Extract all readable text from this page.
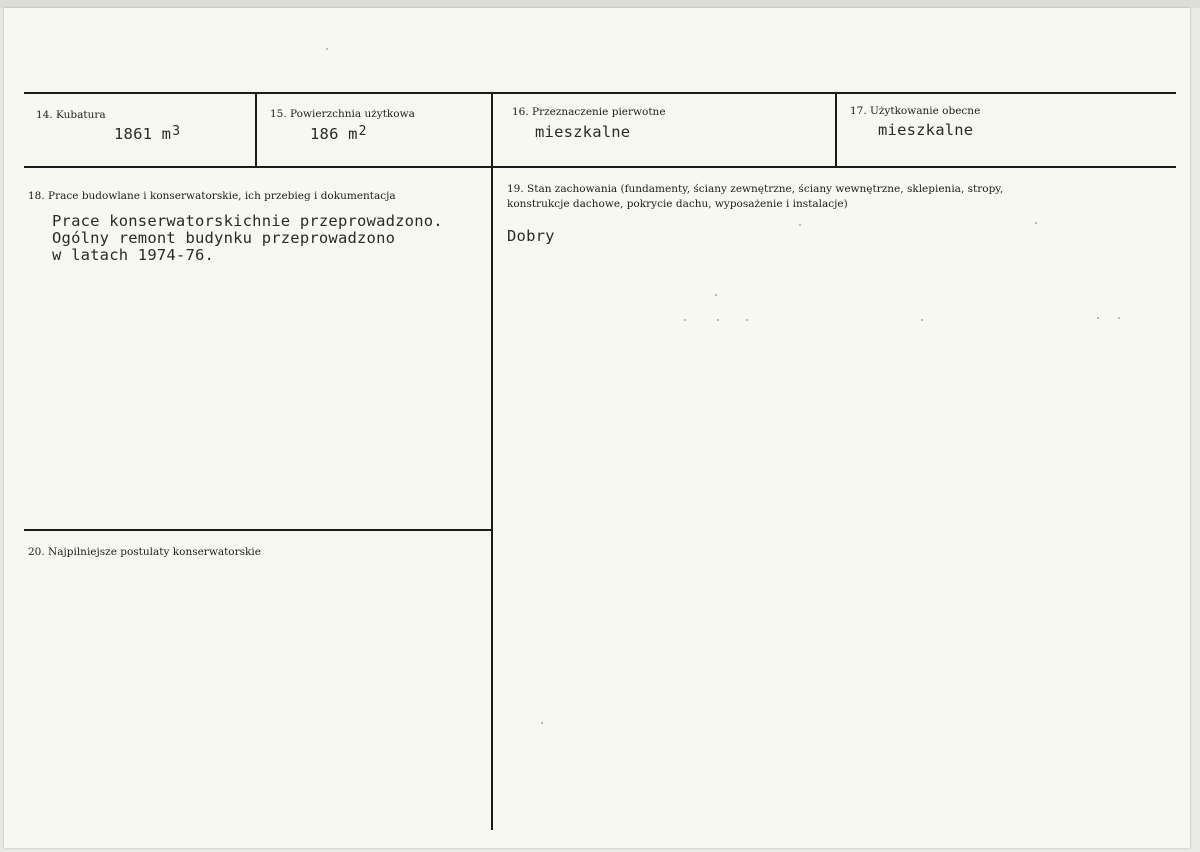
14. Kubatura
1861 $m^3$
15. Powierzchnia użytkowa
186 $m^2$
16. Przeznaczenie pierwotne
mieszkalne
17. Użytkowanie obecne
mieszkalne
18. Prace budowlane i konserwatorskie, ich przebieg i dokumentacja
Prace konserwatorskichnie przeprowadzono.
Ogólny remont budynku przeprowadzono
w latach 1974-76.
19. Stan zachowania (fundamenty, ściany zewnętrzne, ściany wewnętrzne, sklepienia, stropy, konstrukcje dachowe, pokrycie dachu, wyposażenie i instalacje)
Dobry
20. Najpilniejsze postulaty konserwatorskie
